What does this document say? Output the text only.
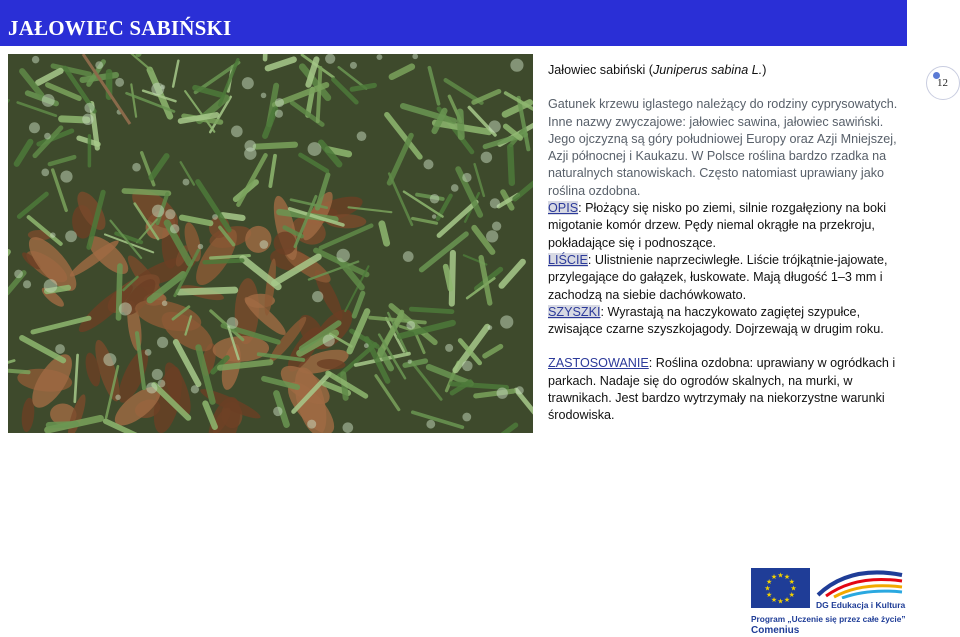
JAŁOWIEC SABIŃSKI
12

Jałowiec sabiński (Juniperus sabina L.)

Gatunek krzewu iglastego należący do rodziny cyprysowatych. Inne nazwy zwyczajowe: jałowiec sawina, jałowiec sawiński. Jego ojczyzną są góry południowej Europy oraz Azji Mniejszej, Azji północnej i Kaukazu. W Polsce roślina bardzo rzadka na naturalnych stanowiskach. Często natomiast uprawiany jako roślina ozdobna.

OPIS: Płożący się nisko po ziemi, silnie rozgałęziony na boki migotanie komór drzew. Pędy niemal okrągłe na przekroju, pokładające się i podnoszące.

LIŚCIE: Ulistnienie naprzeciwległe. Liście trójkątnie-jajowate, przylegające do gałązek, łuskowate. Mają długość 1–3 mm i zachodzą na siebie dachówkowato.

SZYSZKI: Wyrastają na haczykowato zagiętej szypułce, zwisające czarne szyszkojagody. Dojrzewają w drugim roku.

ZASTOSOWANIE: Roślina ozdobna: uprawiany w ogródkach i parkach. Nadaje się do ogrodów skalnych, na murki, w trawnikach. Jest bardzo wytrzymały na niekorzystne warunki środowiska.

★
★
★
★
★
★
★
★
★ ★ ★
★
DG Edukacja i Kultura
Program „Uczenie się przez całe życie”
Comenius
